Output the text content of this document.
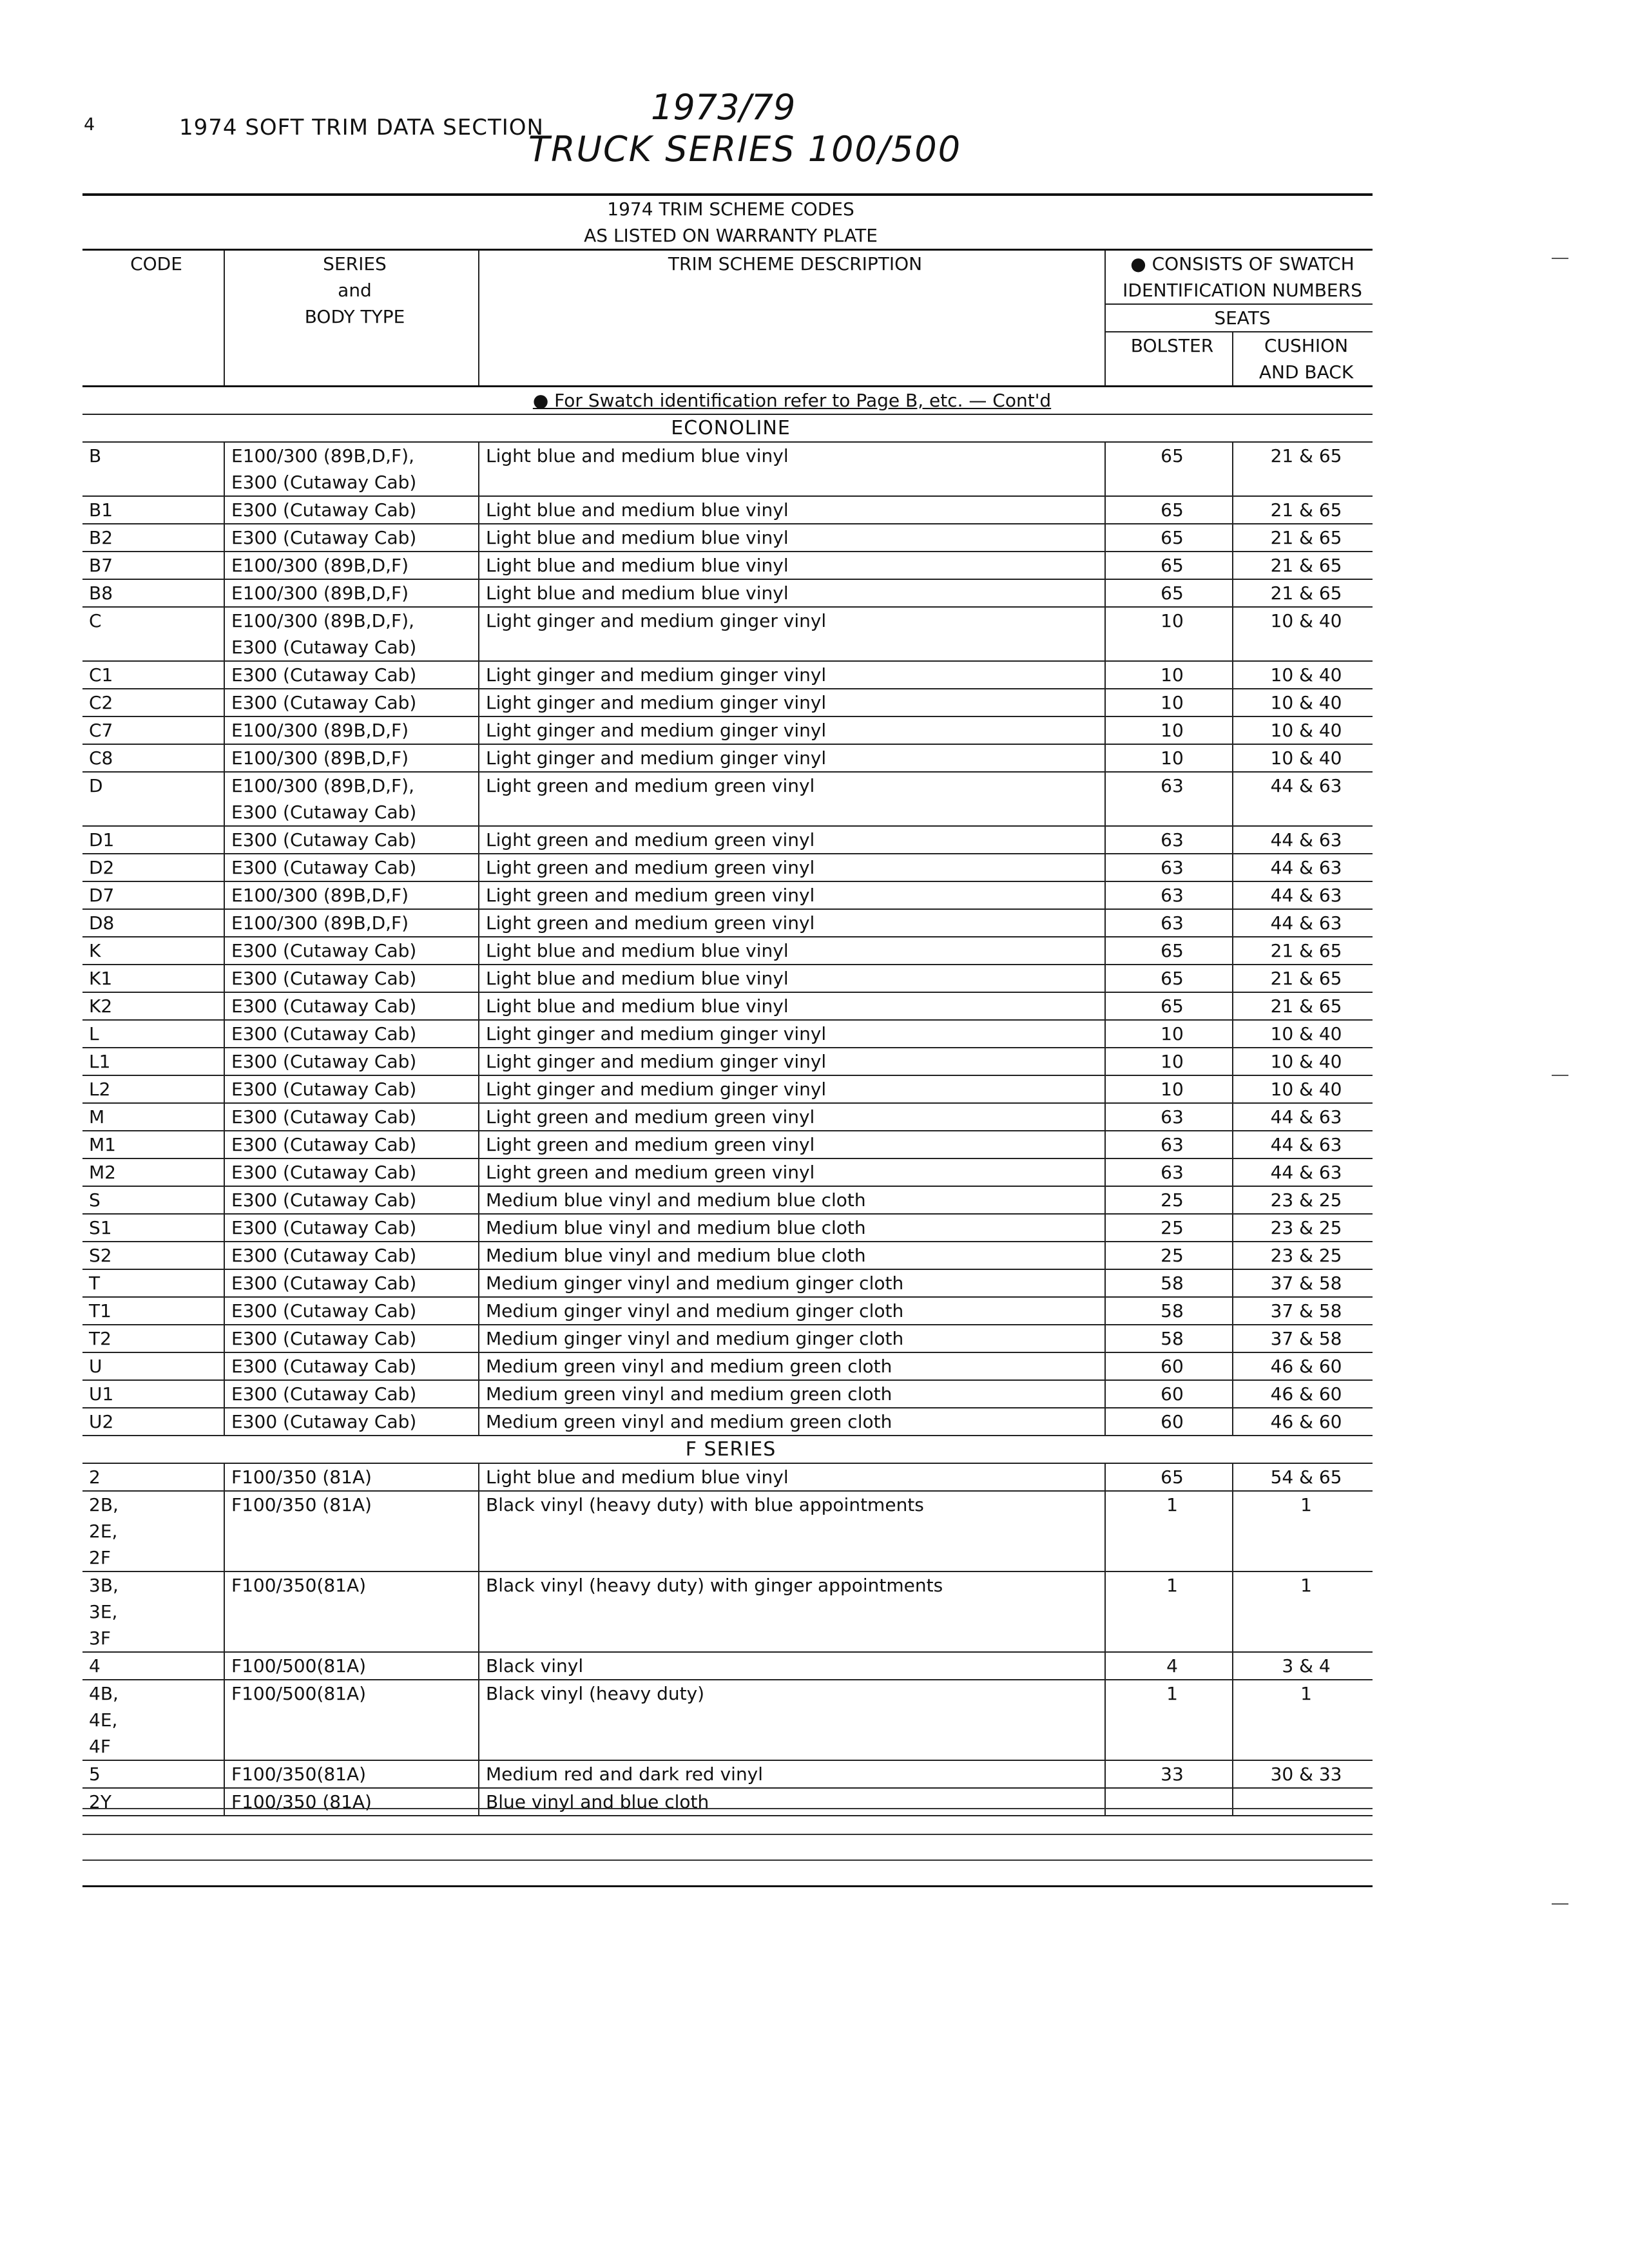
4	1974 SOFT TRIM DATA SECTION	1973/79
TRUCK SERIES 100/500
1974 TRIM SCHEME CODES				
AS LISTED ON WARRANTY PLATE				
CODE	SERIES
and
BODY TYPE	TRIM SCHEME DESCRIPTION	● CONSISTS OF SWATCH	
			IDENTIFICATION NUMBERS	
			SEATS	
			BOLSTER	CUSHION
				AND BACK
● For Swatch identification refer to Page B, etc. — Cont'd				
ECONOLINE				
B	E100/300 (89B,D,F),	Light blue and medium blue vinyl	65	21 & 65
	E300 (Cutaway Cab)			
B1	E300 (Cutaway Cab)	Light blue and medium blue vinyl	65	21 & 65
B2	E300 (Cutaway Cab)	Light blue and medium blue vinyl	65	21 & 65
B7	E100/300 (89B,D,F)	Light blue and medium blue vinyl	65	21 & 65
B8	E100/300 (89B,D,F)	Light blue and medium blue vinyl	65	21 & 65
C	E100/300 (89B,D,F),	Light ginger and medium ginger vinyl	10	10 & 40
	E300 (Cutaway Cab)			
C1	E300 (Cutaway Cab)	Light ginger and medium ginger vinyl	10	10 & 40
C2	E300 (Cutaway Cab)	Light ginger and medium ginger vinyl	10	10 & 40
C7	E100/300 (89B,D,F)	Light ginger and medium ginger vinyl	10	10 & 40
C8	E100/300 (89B,D,F)	Light ginger and medium ginger vinyl	10	10 & 40
D	E100/300 (89B,D,F),	Light green and medium green vinyl	63	44 & 63
	E300 (Cutaway Cab)			
D1	E300 (Cutaway Cab)	Light green and medium green vinyl	63	44 & 63
D2	E300 (Cutaway Cab)	Light green and medium green vinyl	63	44 & 63
D7	E100/300 (89B,D,F)	Light green and medium green vinyl	63	44 & 63
D8	E100/300 (89B,D,F)	Light green and medium green vinyl	63	44 & 63
K	E300 (Cutaway Cab)	Light blue and medium blue vinyl	65	21 & 65
K1	E300 (Cutaway Cab)	Light blue and medium blue vinyl	65	21 & 65
K2	E300 (Cutaway Cab)	Light blue and medium blue vinyl	65	21 & 65
L	E300 (Cutaway Cab)	Light ginger and medium ginger vinyl	10	10 & 40
L1	E300 (Cutaway Cab)	Light ginger and medium ginger vinyl	10	10 & 40
L2	E300 (Cutaway Cab)	Light ginger and medium ginger vinyl	10	10 & 40
M	E300 (Cutaway Cab)	Light green and medium green vinyl	63	44 & 63
M1	E300 (Cutaway Cab)	Light green and medium green vinyl	63	44 & 63
M2	E300 (Cutaway Cab)	Light green and medium green vinyl	63	44 & 63
S	E300 (Cutaway Cab)	Medium blue vinyl and medium blue cloth	25	23 & 25
S1	E300 (Cutaway Cab)	Medium blue vinyl and medium blue cloth	25	23 & 25
S2	E300 (Cutaway Cab)	Medium blue vinyl and medium blue cloth	25	23 & 25
T	E300 (Cutaway Cab)	Medium ginger vinyl and medium ginger cloth	58	37 & 58
T1	E300 (Cutaway Cab)	Medium ginger vinyl and medium ginger cloth	58	37 & 58
T2	E300 (Cutaway Cab)	Medium ginger vinyl and medium ginger cloth	58	37 & 58
U	E300 (Cutaway Cab)	Medium green vinyl and medium green cloth	60	46 & 60
U1	E300 (Cutaway Cab)	Medium green vinyl and medium green cloth	60	46 & 60
U2	E300 (Cutaway Cab)	Medium green vinyl and medium green cloth	60	46 & 60
F SERIES				
2	F100/350 (81A)	Light blue and medium blue vinyl	65	54 & 65
2B,	F100/350 (81A)	Black vinyl (heavy duty) with blue appointments	1	1
2E,				
2F				
3B,	F100/350(81A)	Black vinyl (heavy duty) with ginger appointments	1	1
3E,				
3F				
4	F100/500(81A)	Black vinyl	4	3 & 4
4B,	F100/500(81A)	Black vinyl (heavy duty)	1	1
4E,				
4F				
5	F100/350(81A)	Medium red and dark red vinyl	33	30 & 33
2Y	F100/350 (81A)	Blue vinyl and blue cloth		
